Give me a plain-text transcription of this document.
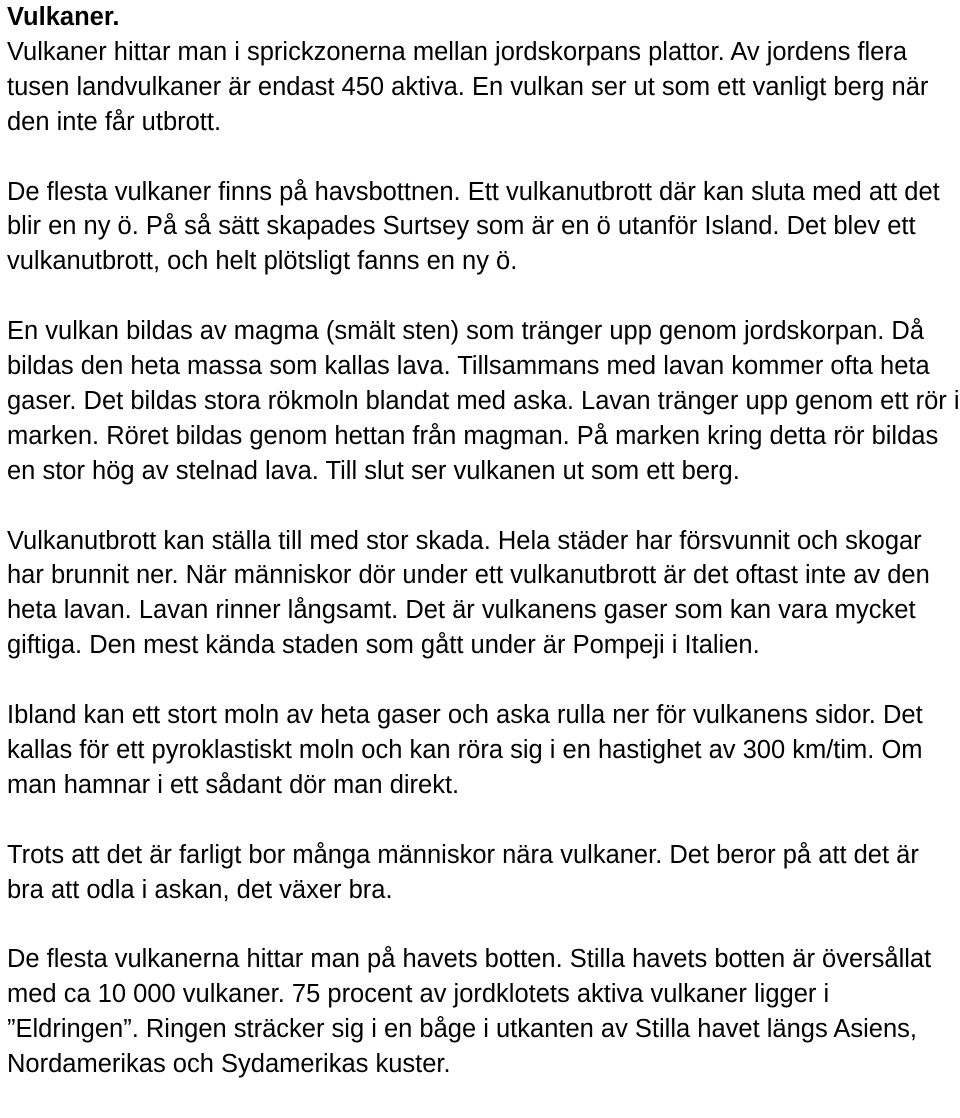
Vulkaner.

Vulkaner hittar man i sprickzonerna mellan jordskorpans plattor. Av jordens flera tusen landvulkaner är endast 450 aktiva. En vulkan ser ut som ett vanligt berg när den inte får utbrott.

De flesta vulkaner finns på havsbottnen. Ett vulkanutbrott där kan sluta med att det blir en ny ö. På så sätt skapades Surtsey som är en ö utanför Island. Det blev ett vulkanutbrott, och helt plötsligt fanns en ny ö.

En vulkan bildas av magma (smält sten) som tränger upp genom jordskorpan. Då bildas den heta massa som kallas lava. Tillsammans med lavan kommer ofta heta gaser. Det bildas stora rökmoln blandat med aska. Lavan tränger upp genom ett rör i marken. Röret bildas genom hettan från magman. På marken kring detta rör bildas en stor hög av stelnad lava. Till slut ser vulkanen ut som ett berg.

Vulkanutbrott kan ställa till med stor skada. Hela städer har försvunnit och skogar har brunnit ner. När människor dör under ett vulkanutbrott är det oftast inte av den heta lavan. Lavan rinner långsamt. Det är vulkanens gaser som kan vara mycket giftiga. Den mest kända staden som gått under är Pompeji i Italien.

Ibland kan ett stort moln av heta gaser och aska rulla ner för vulkanens sidor. Det kallas för ett pyroklastiskt moln och kan röra sig i en hastighet av 300 km/tim. Om man hamnar i ett sådant dör man direkt.

Trots att det är farligt bor många människor nära vulkaner. Det beror på att det är bra att odla i askan, det växer bra.

De flesta vulkanerna hittar man på havets botten. Stilla havets botten är översållat med ca 10 000 vulkaner. 75 procent av jordklotets aktiva vulkaner ligger i ”Eldringen”. Ringen sträcker sig i en båge i utkanten av Stilla havet längs Asiens, Nordamerikas och Sydamerikas kuster.
